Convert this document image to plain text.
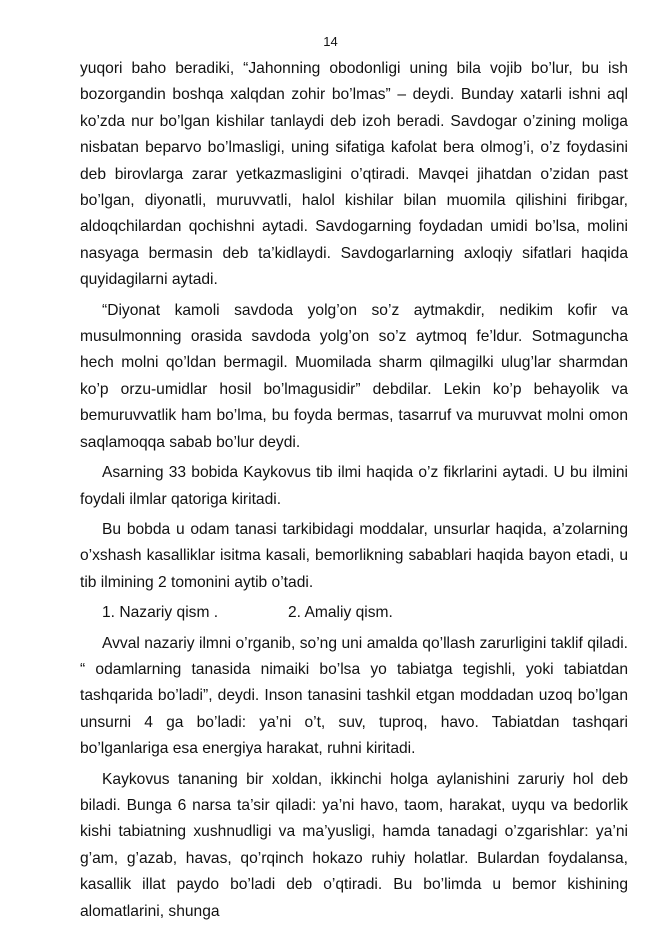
14

yuqori baho beradiki, “Jahonning obodonligi uning bila vojib bo’lur, bu ish bozorgandin boshqa xalqdan zohir bo’lmas” – deydi. Bunday xatarli ishni aql ko’zda nur bo’lgan kishilar tanlaydi deb izoh beradi. Savdogar o’zining moliga nisbatan beparvo bo’lmasligi, uning sifatiga kafolat bera olmog’i, o’z foydasini deb birovlarga zarar yetkazmasligini o’qtiradi. Mavqei jihatdan o’zidan past bo’lgan, diyonatli, muruvvatli, halol kishilar bilan muomila qilishini firibgar, aldoqchilardan qochishni aytadi. Savdogarning foydadan umidi bo’lsa, molini nasyaga bermasin deb ta’kidlaydi. Savdogarlarning axloqiy sifatlari haqida quyidagilarni aytadi.

“Diyonat kamoli savdoda yolg’on so’z aytmakdir, nedikim kofir va musulmonning orasida savdoda yolg’on so’z aytmoq fe’ldur. Sotmaguncha hech molni qo’ldan bermagil. Muomilada sharm qilmagilki ulug’lar sharmdan ko’p orzu-umidlar hosil bo’lmagusidir” debdilar. Lekin ko’p behayolik va bemuruvvatlik ham bo’lma, bu foyda bermas, tasarruf va muruvvat molni omon saqlamoqqa sabab bo’lur deydi.

Asarning 33 bobida Kaykovus tib ilmi haqida o’z fikrlarini aytadi. U bu ilmini foydali ilmlar qatoriga kiritadi.

Bu bobda u odam tanasi tarkibidagi moddalar, unsurlar haqida, a’zolarning o’xshash kasalliklar isitma kasali, bemorlikning sabablari haqida bayon etadi, u tib ilmining 2 tomonini aytib o’tadi.

1. Nazariy qism .	2. Amaliy qism.

Avval nazariy ilmni o’rganib, so’ng uni amalda qo’llash zarurligini taklif qiladi. “ odamlarning tanasida nimaiki bo’lsa yo tabiatga tegishli, yoki tabiatdan tashqarida bo’ladi”, deydi. Inson tanasini tashkil etgan moddadan uzoq bo’lgan unsurni 4 ga bo’ladi: ya’ni o’t, suv, tuproq, havo. Tabiatdan tashqari bo’lganlariga esa energiya harakat, ruhni kiritadi.

Kaykovus tananing bir xoldan, ikkinchi holga aylanishini zaruriy hol deb biladi. Bunga 6 narsa ta’sir qiladi: ya’ni havo, taom, harakat, uyqu va bedorlik kishi tabiatning xushnudligi va ma’yusligi, hamda tanadagi o’zgarishlar: ya’ni g’am, g’azab, havas, qo’rqinch hokazo ruhiy holatlar. Bulardan foydalansa, kasallik illat paydo bo’ladi deb o’qtiradi. Bu bo’limda u bemor kishining alomatlarini, shunga
